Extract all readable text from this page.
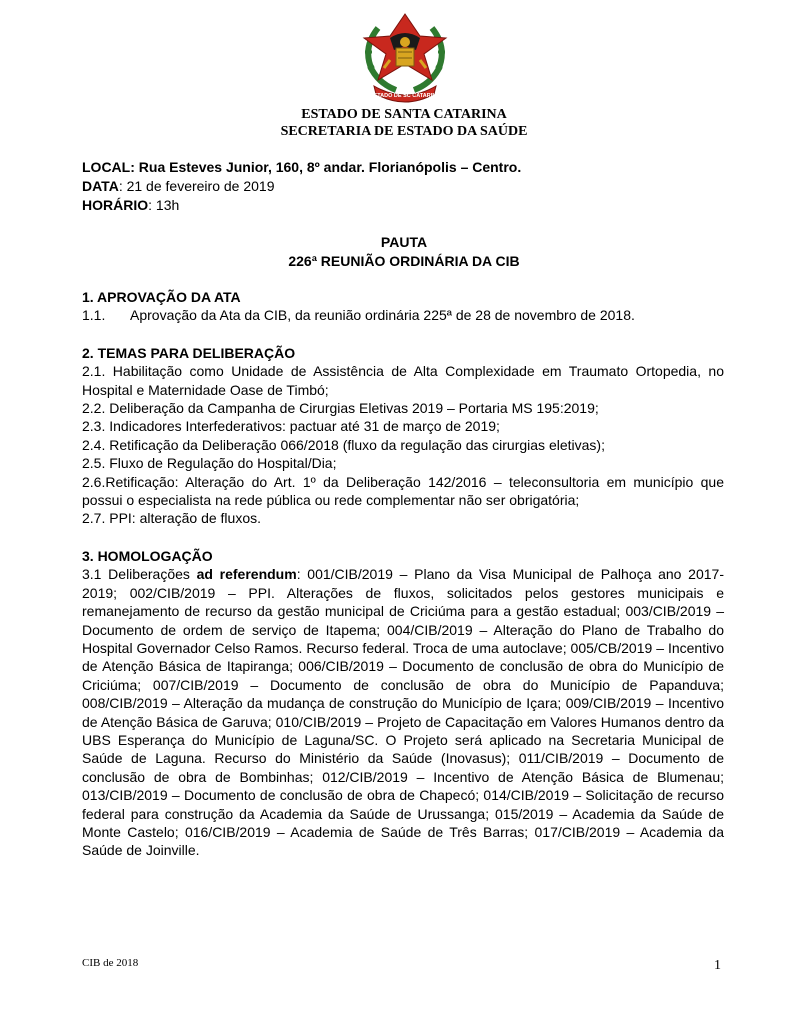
ESTADO DE SC CATARINA
ESTADO DE SANTA CATARINA
SECRETARIA DE ESTADO DA SAÚDE
LOCAL: Rua Esteves Junior, 160, 8º andar. Florianópolis – Centro.
DATA: 21 de fevereiro de 2019
HORÁRIO: 13h
PAUTA
226ª REUNIÃO ORDINÁRIA DA CIB

1. APROVAÇÃO DA ATA

1.1.	Aprovação da Ata da CIB, da reunião ordinária 225ª de 28 de novembro de 2018.

2. TEMAS PARA DELIBERAÇÃO

2.1. Habilitação como Unidade de Assistência de Alta Complexidade em Traumato Ortopedia, no Hospital e Maternidade Oase de Timbó;

2.2. Deliberação da Campanha de Cirurgias Eletivas 2019 – Portaria MS 195:2019;

2.3. Indicadores Interfederativos: pactuar até 31 de março de 2019;

2.4. Retificação da Deliberação 066/2018 (fluxo da regulação das cirurgias eletivas);

2.5. Fluxo de Regulação do Hospital/Dia;

2.6.Retificação: Alteração do Art. 1º da Deliberação 142/2016 – teleconsultoria em município que possui o especialista na rede pública ou rede complementar não ser obrigatória;

2.7. PPI: alteração de fluxos.

3. HOMOLOGAÇÃO

3.1 Deliberações ad referendum: 001/CIB/2019 – Plano da Visa Municipal de Palhoça ano 2017- 2019; 002/CIB/2019 – PPI. Alterações de fluxos, solicitados pelos gestores municipais e remanejamento de recurso da gestão municipal de Criciúma para a gestão estadual; 003/CIB/2019 – Documento de ordem de serviço de Itapema; 004/CIB/2019 – Alteração do Plano de Trabalho do Hospital Governador Celso Ramos. Recurso federal. Troca de uma autoclave; 005/CB/2019 – Incentivo de Atenção Básica de Itapiranga; 006/CIB/2019 – Documento de conclusão de obra do Município de Criciúma; 007/CIB/2019 – Documento de conclusão de obra do Município de Papanduva; 008/CIB/2019 – Alteração da mudança de construção do Município de Içara; 009/CIB/2019 – Incentivo de Atenção Básica de Garuva; 010/CIB/2019 – Projeto de Capacitação em Valores Humanos dentro da UBS Esperança do Município de Laguna/SC. O Projeto será aplicado na Secretaria Municipal de Saúde de Laguna. Recurso do Ministério da Saúde (Inovasus); 011/CIB/2019 – Documento de conclusão de obra de Bombinhas; 012/CIB/2019 – Incentivo de Atenção Básica de Blumenau; 013/CIB/2019 – Documento de conclusão de obra de Chapecó; 014/CIB/2019 – Solicitação de recurso federal para construção da Academia da Saúde de Urussanga; 015/2019 – Academia da Saúde de Monte Castelo; 016/CIB/2019 – Academia de Saúde de Três Barras; 017/CIB/2019 – Academia da Saúde de Joinville.

CIB de 2018	1
